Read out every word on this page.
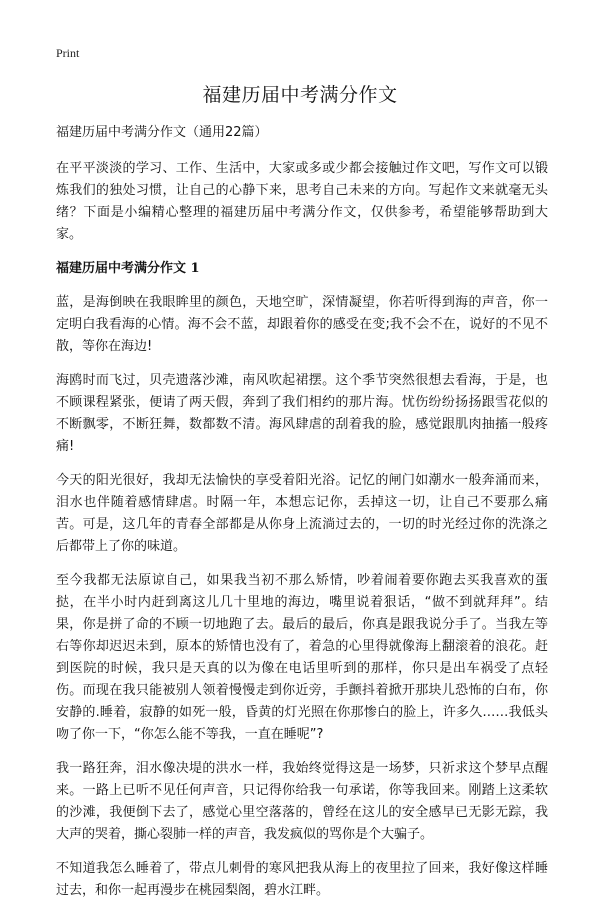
Print
福建历届中考满分作文

福建历届中考满分作文（通用22篇）

在平平淡淡的学习、工作、生活中，大家或多或少都会接触过作文吧，写作文可以锻炼我们的独处习惯，让自己的心静下来，思考自己未来的方向。写起作文来就毫无头绪？下面是小编精心整理的福建历届中考满分作文，仅供参考，希望能够帮助到大家。

福建历届中考满分作文 1

蓝，是海倒映在我眼眸里的颜色，天地空旷，深情凝望，你若听得到海的声音，你一定明白我看海的心情。海不会不蓝，却跟着你的感受在变;我不会不在，说好的不见不散，等你在海边!

海鸥时而飞过，贝壳遗落沙滩，南风吹起裙摆。这个季节突然很想去看海，于是，也不顾课程紧张，便请了两天假，奔到了我们相约的那片海。忧伤纷纷扬扬跟雪花似的不断飘零，不断狂舞，数都数不清。海风肆虐的刮着我的脸，感觉跟肌肉抽搐一般疼痛!

今天的阳光很好，我却无法愉快的享受着阳光浴。记忆的闸门如潮水一般奔涌而来，泪水也伴随着感情肆虐。时隔一年，本想忘记你，丢掉这一切，让自己不要那么痛苦。可是，这几年的青春全部都是从你身上流淌过去的，一切的时光经过你的洗涤之后都带上了你的味道。

至今我都无法原谅自己，如果我当初不那么矫情，吵着闹着要你跑去买我喜欢的蛋挞，在半小时内赶到离这儿几十里地的海边，嘴里说着狠话，“做不到就拜拜”。结果，你是拼了命的不顾一切地跑了去。最后的最后，你真是跟我说分手了。当我左等右等你却迟迟未到，原本的矫情也没有了，着急的心里得就像海上翻滚着的浪花。赶到医院的时候，我只是天真的以为像在电话里听到的那样，你只是出车祸受了点轻伤。而现在我只能被别人领着慢慢走到你近旁，手颤抖着掀开那块儿恐怖的白布，你安静的.睡着，寂静的如死一般，昏黄的灯光照在你那惨白的脸上，许多久……我低头吻了你一下，“你怎么能不等我，一直在睡呢”?

我一路狂奔，泪水像决堤的洪水一样，我始终觉得这是一场梦，只祈求这个梦早点醒来。一路上已听不见任何声音，只记得你给我一句承诺，你等我回来。刚踏上这柔软的沙滩，我便倒下去了，感觉心里空落落的，曾经在这儿的安全感早已无影无踪，我大声的哭着，撕心裂肺一样的声音，我发疯似的骂你是个大骗子。

不知道我怎么睡着了，带点儿刺骨的寒风把我从海上的夜里拉了回来，我好像这样睡过去，和你一起再漫步在桃园梨阁，碧水江畔。
